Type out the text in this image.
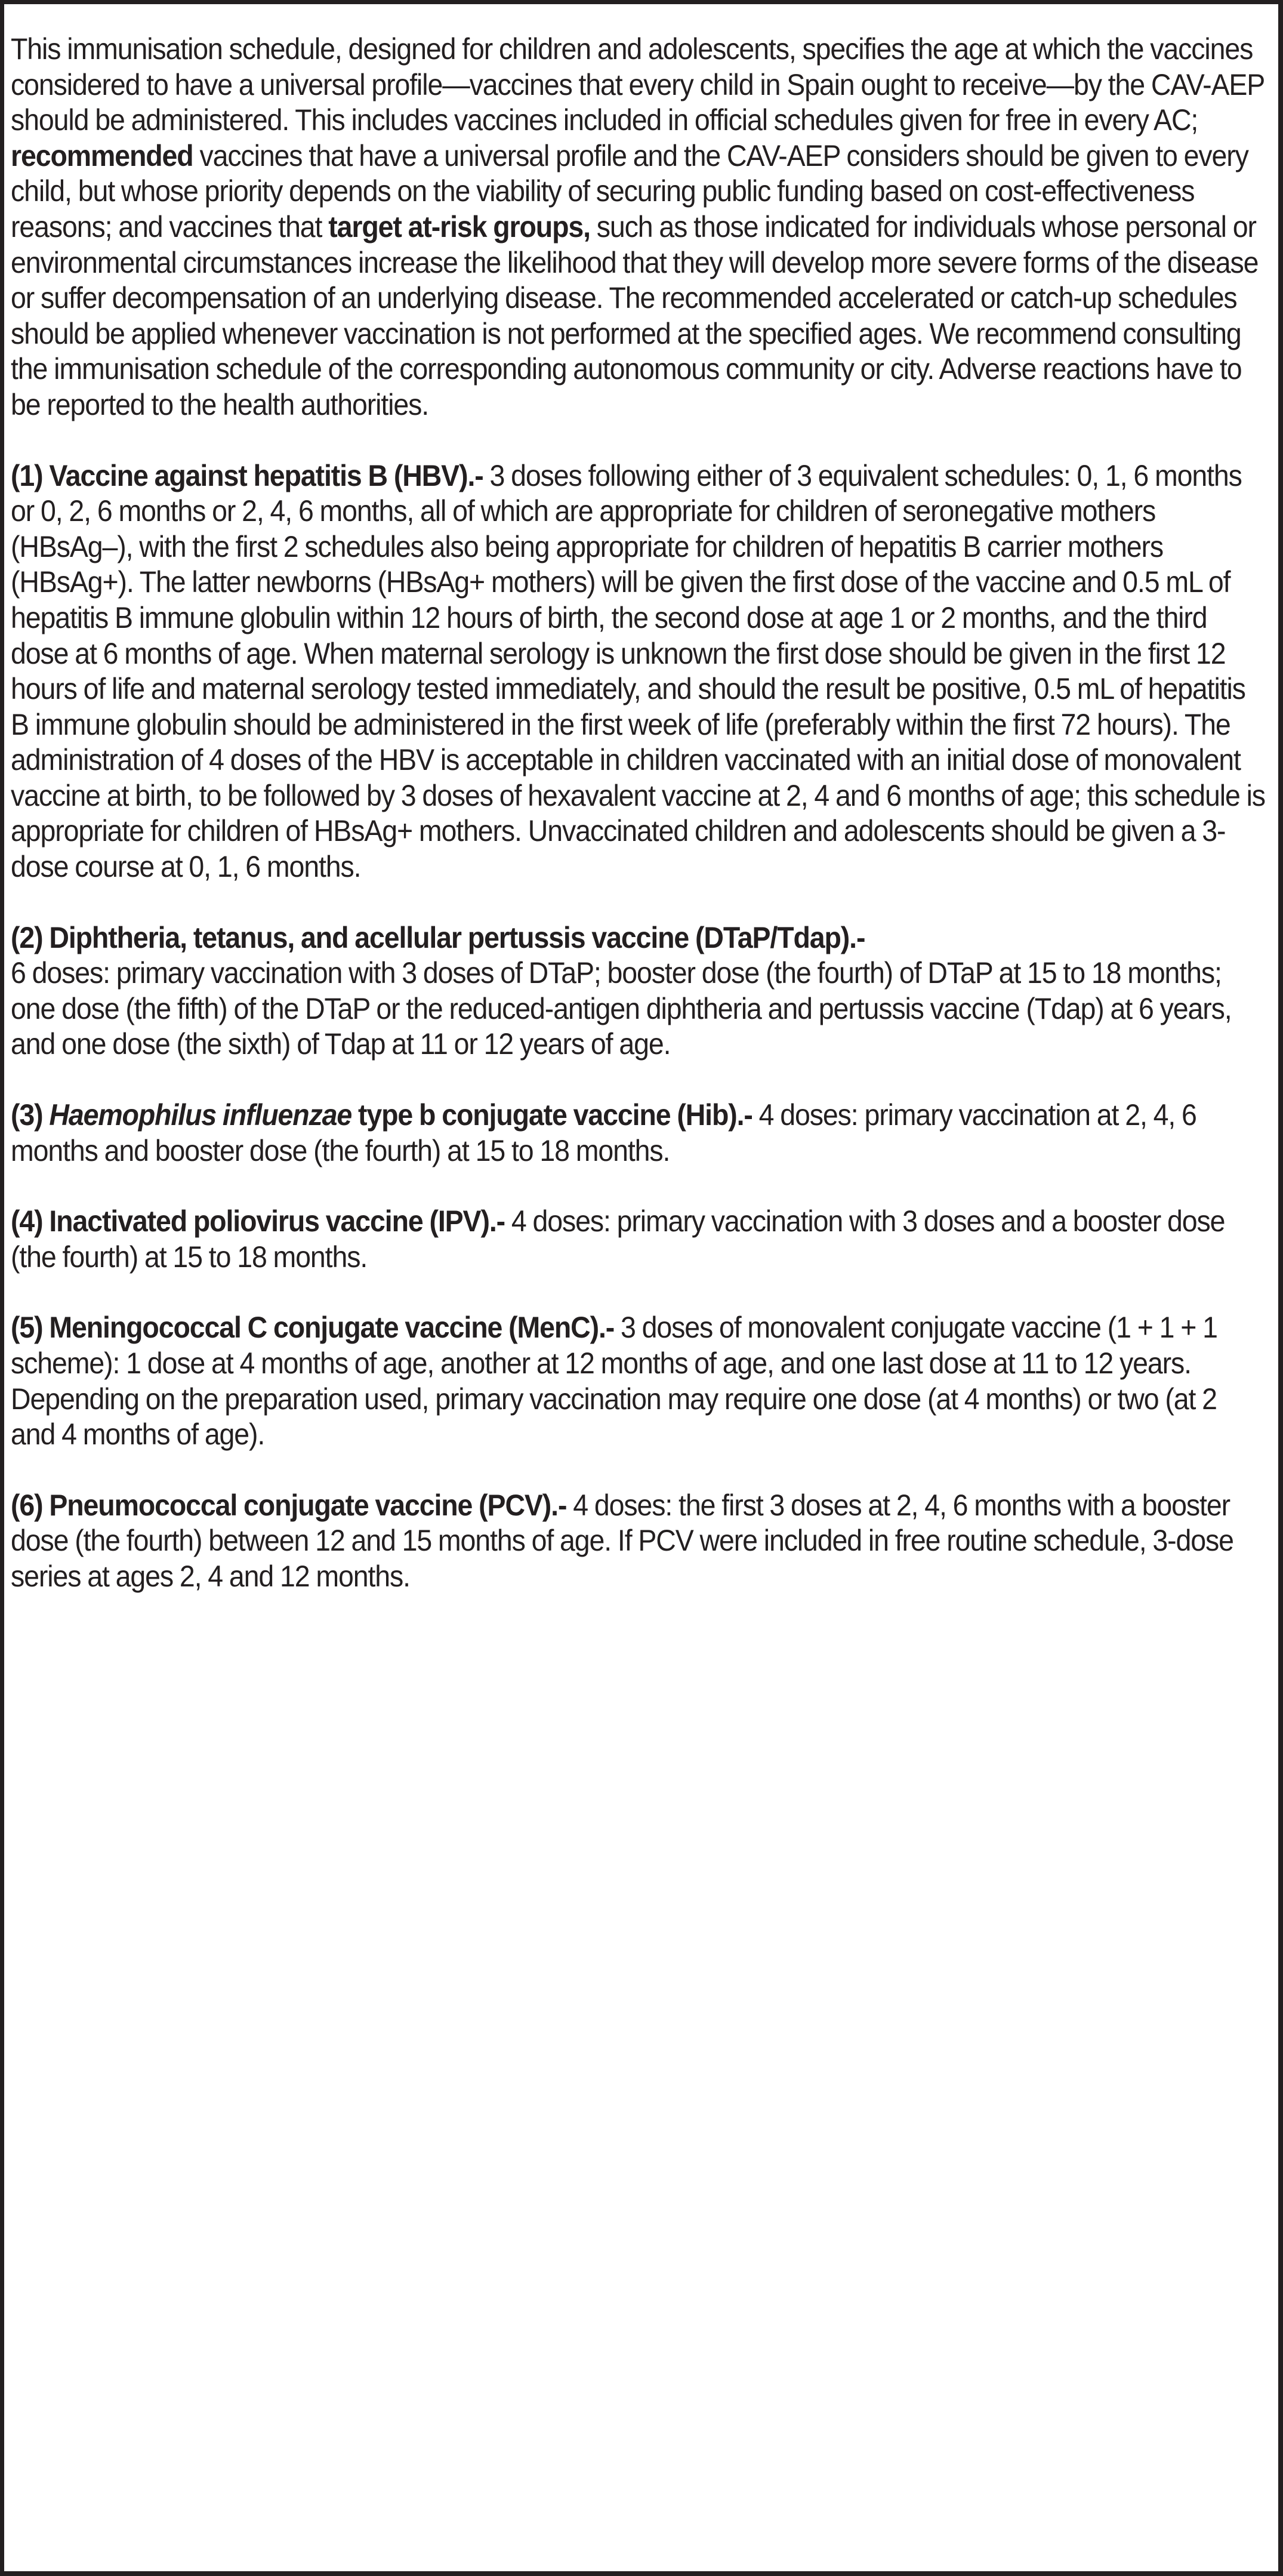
This immunisation schedule, designed for children and adolescents, specifies the age at which the vaccines considered to have a universal profile—vaccines that every child in Spain ought to receive—by the CAV-AEP should be administered. This includes vaccines included in official schedules given for free in every AC; recommended vaccines that have a universal profile and the CAV-AEP considers should be given to every child, but whose priority depends on the viability of securing public funding based on cost-effectiveness reasons; and vaccines that target at-risk groups, such as those indicated for individuals whose personal or environmental circumstances increase the likelihood that they will develop more severe forms of the disease or suffer decompensation of an underlying disease. The recommended accelerated or catch-up schedules should be applied whenever vaccination is not performed at the specified ages. We recommend consulting the immunisation schedule of the corresponding autonomous community or city. Adverse reactions have to be reported to the health authorities.

(1) Vaccine against hepatitis B (HBV).- 3 doses following either of 3 equivalent schedules: 0, 1, 6 months or 0, 2, 6 months or 2, 4, 6 months, all of which are appropriate for children of seronegative mothers (HBsAg–), with the first 2 schedules also being appropriate for children of hepatitis B carrier mothers (HBsAg+). The latter newborns (HBsAg+ mothers) will be given the first dose of the vaccine and 0.5 mL of hepatitis B immune globulin within 12 hours of birth, the second dose at age 1 or 2 months, and the third dose at 6 months of age. When maternal serology is unknown the first dose should be given in the first 12 hours of life and maternal serology tested immediately, and should the result be positive, 0.5 mL of hepatitis B immune globulin should be administered in the first week of life (preferably within the first 72 hours). The administration of 4 doses of the HBV is acceptable in children vaccinated with an initial dose of monovalent vaccine at birth, to be followed by 3 doses of hexavalent vaccine at 2, 4 and 6 months of age; this schedule is appropriate for children of HBsAg+ mothers. Unvaccinated children and adolescents should be given a 3-dose course at 0, 1, 6 months.

(2) Diphtheria, tetanus, and acellular pertussis vaccine (DTaP/Tdap).-
6 doses: primary vaccination with 3 doses of DTaP; booster dose (the fourth) of DTaP at 15 to 18 months; one dose (the fifth) of the DTaP or the reduced-antigen diphtheria and pertussis vaccine (Tdap) at 6 years, and one dose (the sixth) of Tdap at 11 or 12 years of age.

(3) Haemophilus influenzae type b conjugate vaccine (Hib).- 4 doses: primary vaccination at 2, 4, 6 months and booster dose (the fourth) at 15 to 18 months.

(4) Inactivated poliovirus vaccine (IPV).- 4 doses: primary vaccination with 3 doses and a booster dose (the fourth) at 15 to 18 months.

(5) Meningococcal C conjugate vaccine (MenC).- 3 doses of monovalent conjugate vaccine (1 + 1 + 1 scheme): 1 dose at 4 months of age, another at 12 months of age, and one last dose at 11 to 12 years. Depending on the preparation used, primary vaccination may require one dose (at 4 months) or two (at 2 and 4 months of age).

(6) Pneumococcal conjugate vaccine (PCV).- 4 doses: the first 3 doses at 2, 4, 6 months with a booster dose (the fourth) between 12 and 15 months of age. If PCV were included in free routine schedule, 3-dose series at ages 2, 4 and 12 months.
